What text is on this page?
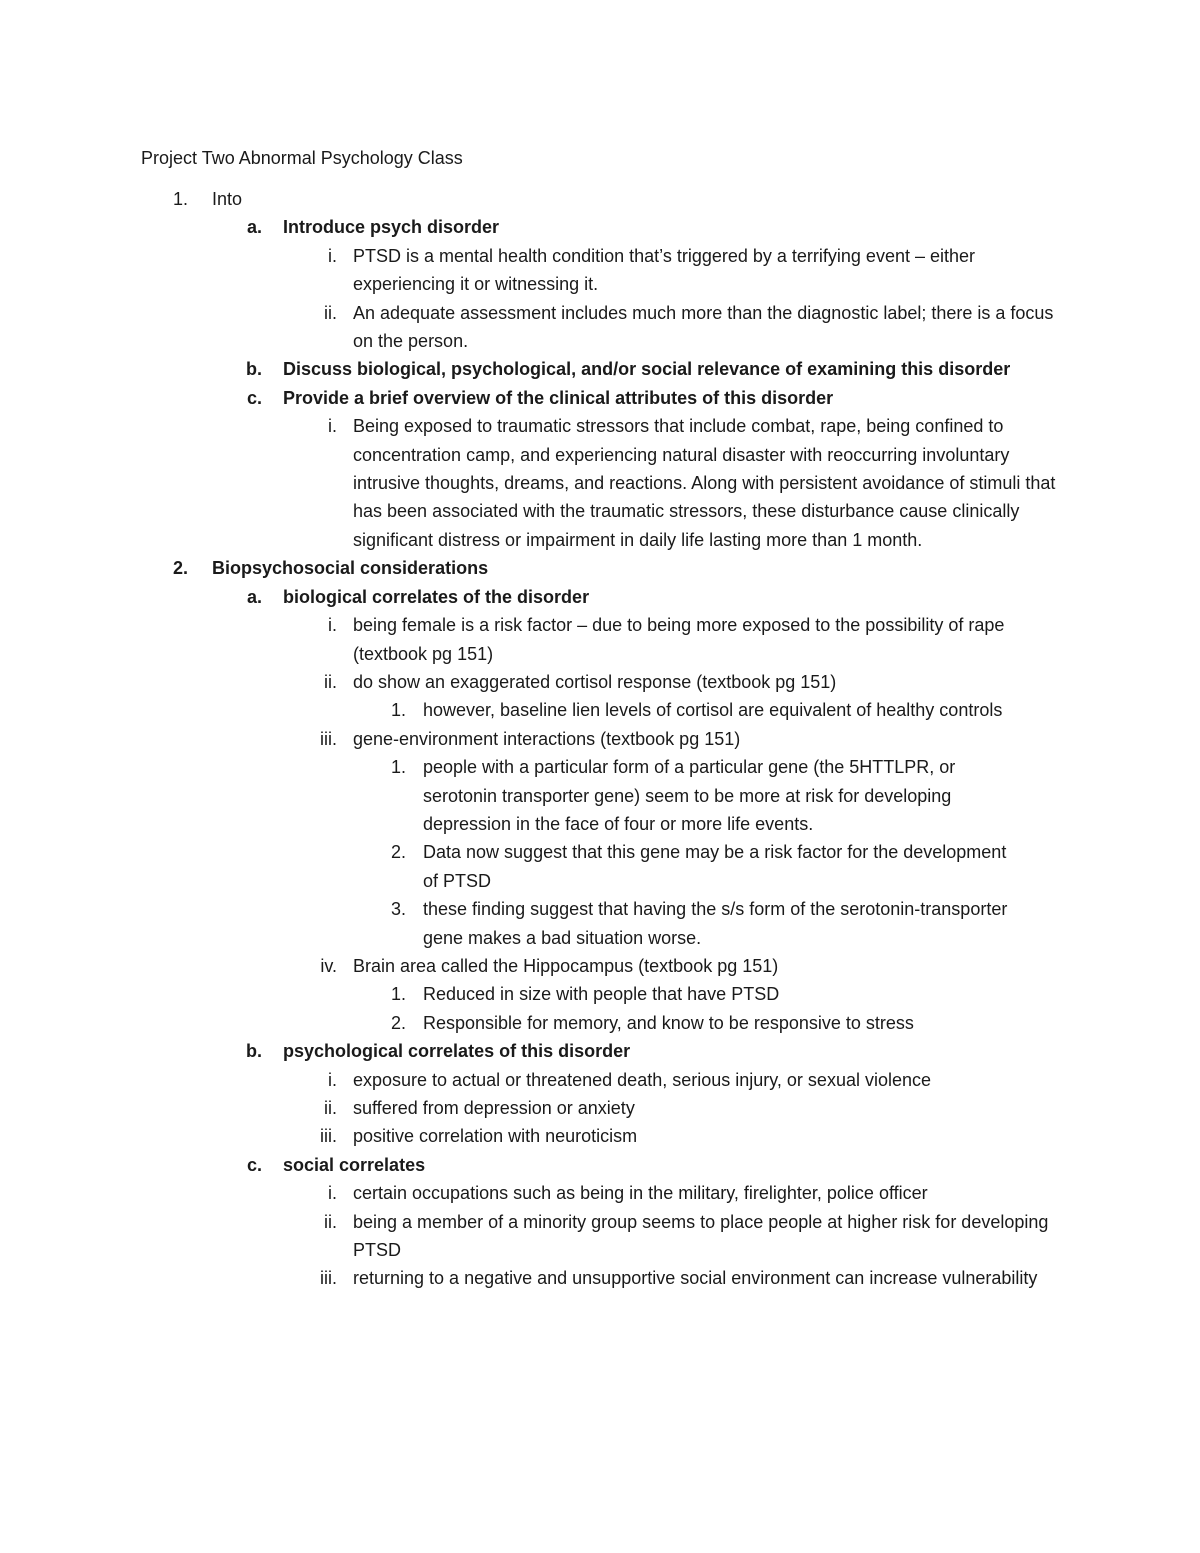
Project Two Abnormal Psychology Class
1. Into
a. Introduce psych disorder
i. PTSD is a mental health condition that’s triggered by a terrifying event – either experiencing it or witnessing it.
ii. An adequate assessment includes much more than the diagnostic label; there is a focus on the person.
b. Discuss biological, psychological, and/or social relevance of examining this disorder
c. Provide a brief overview of the clinical attributes of this disorder
i. Being exposed to traumatic stressors that include combat, rape, being confined to concentration camp, and experiencing natural disaster with reoccurring involuntary intrusive thoughts, dreams, and reactions. Along with persistent avoidance of stimuli that has been associated with the traumatic stressors, these disturbance cause clinically significant distress or impairment in daily life lasting more than 1 month.
2. Biopsychosocial considerations
a. biological correlates of the disorder
i. being female is a risk factor – due to being more exposed to the possibility of rape (textbook pg 151)
ii. do show an exaggerated cortisol response (textbook pg 151)
1. however, baseline lien levels of cortisol are equivalent of healthy controls
iii. gene-environment interactions (textbook pg 151)
1. people with a particular form of a particular gene (the 5HTTLPR, or serotonin transporter gene) seem to be more at risk for developing depression in the face of four or more life events.
2. Data now suggest that this gene may be a risk factor for the development of PTSD
3. these finding suggest that having the s/s form of the serotonin-transporter gene makes a bad situation worse.
iv. Brain area called the Hippocampus (textbook pg 151)
1. Reduced in size with people that have PTSD
2. Responsible for memory, and know to be responsive to stress
b. psychological correlates of this disorder
i. exposure to actual or threatened death, serious injury, or sexual violence
ii. suffered from depression or anxiety
iii. positive correlation with neuroticism
c. social correlates
i. certain occupations such as being in the military, firelighter, police officer
ii. being a member of a minority group seems to place people at higher risk for developing PTSD
iii. returning to a negative and unsupportive social environment can increase vulnerability
